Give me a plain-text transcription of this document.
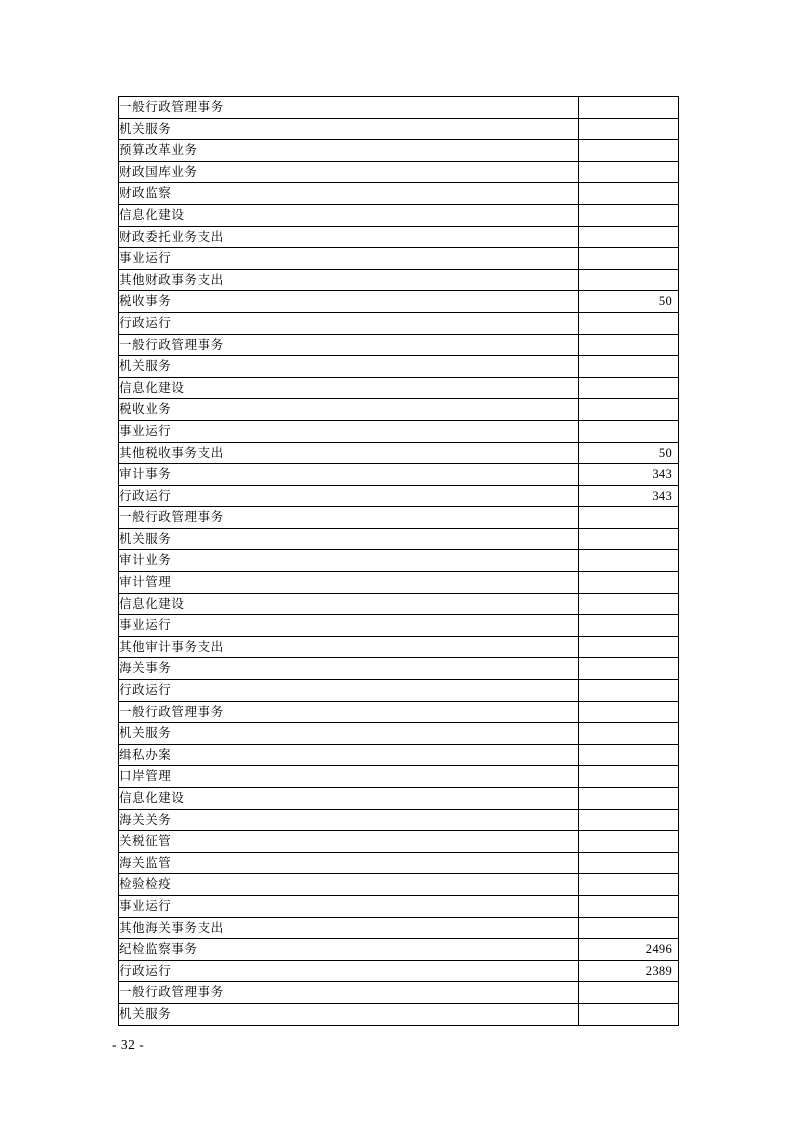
一般行政管理事务	
机关服务	
预算改革业务	
财政国库业务	
财政监察	
信息化建设	
财政委托业务支出	
事业运行	
其他财政事务支出	
税收事务	50
行政运行	
一般行政管理事务	
机关服务	
信息化建设	
税收业务	
事业运行	
其他税收事务支出	50
审计事务	343
行政运行	343
一般行政管理事务	
机关服务	
审计业务	
审计管理	
信息化建设	
事业运行	
其他审计事务支出	
海关事务	
行政运行	
一般行政管理事务	
机关服务	
缉私办案	
口岸管理	
信息化建设	
海关关务	
关税征管	
海关监管	
检验检疫	
事业运行	
其他海关事务支出	
纪检监察事务	2496
行政运行	2389
一般行政管理事务	
机关服务	
- 32 -
